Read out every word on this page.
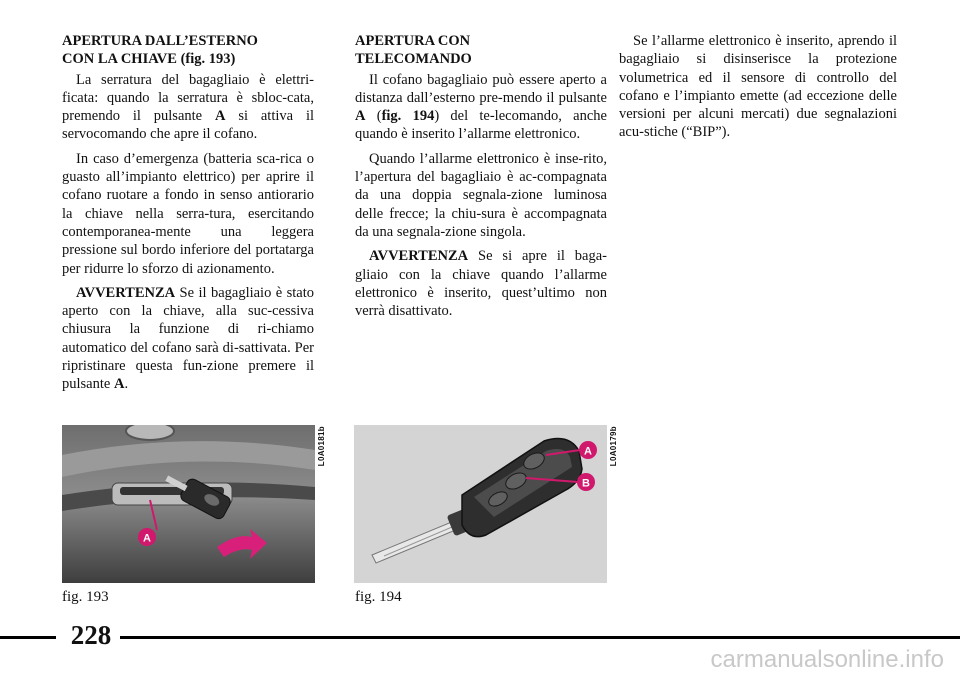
APERTURA DALL’ESTERNO
CON LA CHIAVE (fig. 193)

La serratura del bagagliaio è elettri-ficata: quando la serratura è sbloc-cata, premendo il pulsante A si attiva il servocomando che apre il cofano.

In caso d’emergenza (batteria sca-rica o guasto all’impianto elettrico) per aprire il cofano ruotare a fondo in senso antiorario la chiave nella serra-tura, esercitando contemporanea-mente una leggera pressione sul bordo inferiore del portatarga per ridurre lo sforzo di azionamento.

AVVERTENZA Se il bagagliaio è stato aperto con la chiave, alla suc-cessiva chiusura la funzione di ri-chiamo automatico del cofano sarà di-sattivata. Per ripristinare questa fun-zione premere il pulsante A.

APERTURA CON
TELECOMANDO

Il cofano bagagliaio può essere aperto a distanza dall’esterno pre-mendo il pulsante A (fig. 194) del te-lecomando, anche quando è inserito l’allarme elettronico.

Quando l’allarme elettronico è inse-rito, l’apertura del bagagliaio è ac-compagnata da una doppia segnala-zione luminosa delle frecce; la chiu-sura è accompagnata da una segnala-zione singola.

AVVERTENZA Se si apre il baga-gliaio con la chiave quando l’allarme elettronico è inserito, quest’ultimo non verrà disattivato.

Se l’allarme elettronico è inserito, aprendo il bagagliaio si disinserisce la protezione volumetrica ed il sensore di controllo del cofano e l’impianto emette (ad eccezione delle versioni per alcuni mercati) due segnalazioni acu-stiche (“BIP”).

A
L0A0181b
fig. 193
A
B
L0A0179b
fig. 194
228
carmanualsonline.info
